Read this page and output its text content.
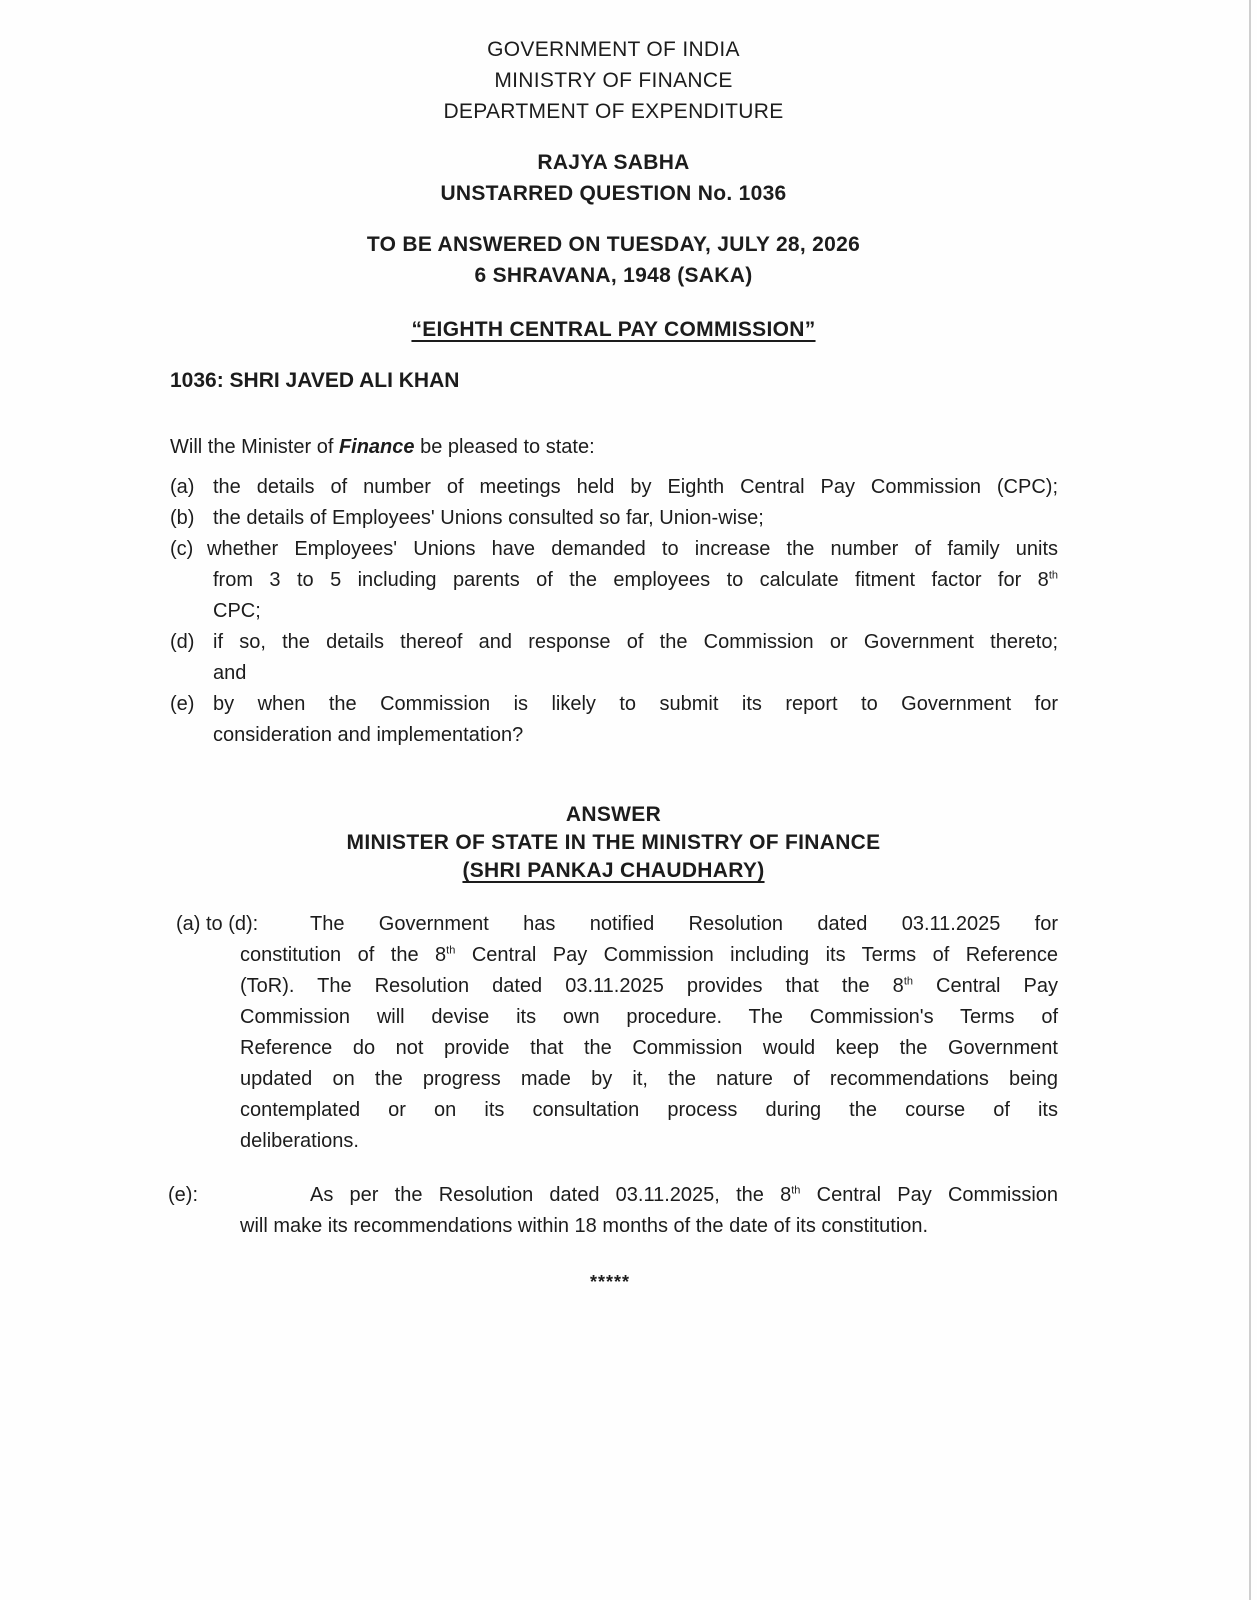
GOVERNMENT OF INDIA
MINISTRY OF FINANCE
DEPARTMENT OF EXPENDITURE
RAJYA SABHA
UNSTARRED QUESTION No. 1036
TO BE ANSWERED ON TUESDAY, JULY 28, 2026
6 SHRAVANA, 1948 (SAKA)
“EIGHTH CENTRAL PAY COMMISSION”
1036: SHRI JAVED ALI KHAN
Will the Minister of Finance be pleased to state:
(a) the details of number of meetings held by Eighth Central Pay Commission (CPC);
(b) the details of Employees' Unions consulted so far, Union-wise;
(c) whether Employees' Unions have demanded to increase the number of family units
from 3 to 5 including parents of the employees to calculate fitment factor for 8th
CPC;
(d) if so, the details thereof and response of the Commission or Government thereto;
and
(e) by when the Commission is likely to submit its report to Government for
consideration and implementation?
ANSWER
MINISTER OF STATE IN THE MINISTRY OF FINANCE
(SHRI PANKAJ CHAUDHARY)
(a) to (d):	The Government has notified Resolution dated 03.11.2025 for
constitution of the 8th Central Pay Commission including its Terms of Reference
(ToR). The Resolution dated 03.11.2025 provides that the 8th Central Pay
Commission will devise its own procedure. The Commission's Terms of
Reference do not provide that the Commission would keep the Government
updated on the progress made by it, the nature of recommendations being
contemplated or on its consultation process during the course of its
deliberations.
(e):	As per the Resolution dated 03.11.2025, the 8th Central Pay Commission
will make its recommendations within 18 months of the date of its constitution.
*****
